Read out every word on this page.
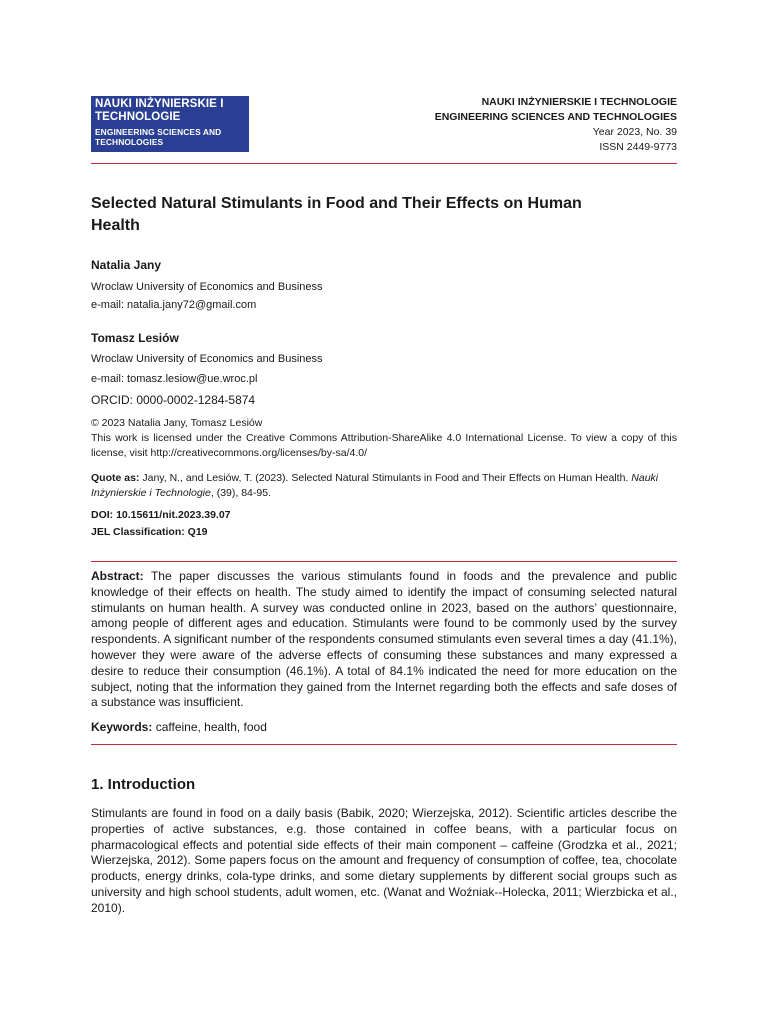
NAUKI INŻYNIERSKIE I TECHNOLOGIE
ENGINEERING SCIENCES AND TECHNOLOGIES
NAUKI INŻYNIERSKIE I TECHNOLOGIE
ENGINEERING SCIENCES AND TECHNOLOGIES
Year 2023, No. 39
ISSN 2449-9773
Selected Natural Stimulants in Food and Their Effects on Human Health
Natalia Jany
Wroclaw University of Economics and Business
e-mail: natalia.jany72@gmail.com
Tomasz Lesiów
Wroclaw University of Economics and Business
e-mail: tomasz.lesiow@ue.wroc.pl
ORCID: 0000-0002-1284-5874
© 2023 Natalia Jany, Tomasz Lesiów
This work is licensed under the Creative Commons Attribution-ShareAlike 4.0 International License. To view a copy of this license, visit http://creativecommons.org/licenses/by-sa/4.0/
Quote as: Jany, N., and Lesiów, T. (2023). Selected Natural Stimulants in Food and Their Effects on Human Health. Nauki Inżynierskie i Technologie, (39), 84-95.
DOI: 10.15611/nit.2023.39.07
JEL Classification: Q19

Abstract: The paper discusses the various stimulants found in foods and the prevalence and public knowledge of their effects on health. The study aimed to identify the impact of consuming selected natural stimulants on human health. A survey was conducted online in 2023, based on the authors’ questionnaire, among people of different ages and education. Stimulants were found to be commonly used by the survey respondents. A significant number of the respondents consumed stimulants even several times a day (41.1%), however they were aware of the adverse effects of consuming these substances and many expressed a desire to reduce their consumption (46.1%). A total of 84.1% indicated the need for more education on the subject, noting that the information they gained from the Internet regarding both the effects and safe doses of a substance was insufficient.

Keywords: caffeine, health, food
1. Introduction

Stimulants are found in food on a daily basis (Babik, 2020; Wierzejska, 2012). Scientific articles describe the properties of active substances, e.g. those contained in coffee beans, with a particular focus on pharmacological effects and potential side effects of their main component – caffeine (Grodzka et al., 2021; Wierzejska, 2012). Some papers focus on the amount and frequency of consumption of coffee, tea, chocolate products, energy drinks, cola-type drinks, and some dietary supplements by different social groups such as university and high school students, adult women, etc. (Wanat and Woźniak--Holecka, 2011; Wierzbicka et al., 2010).
